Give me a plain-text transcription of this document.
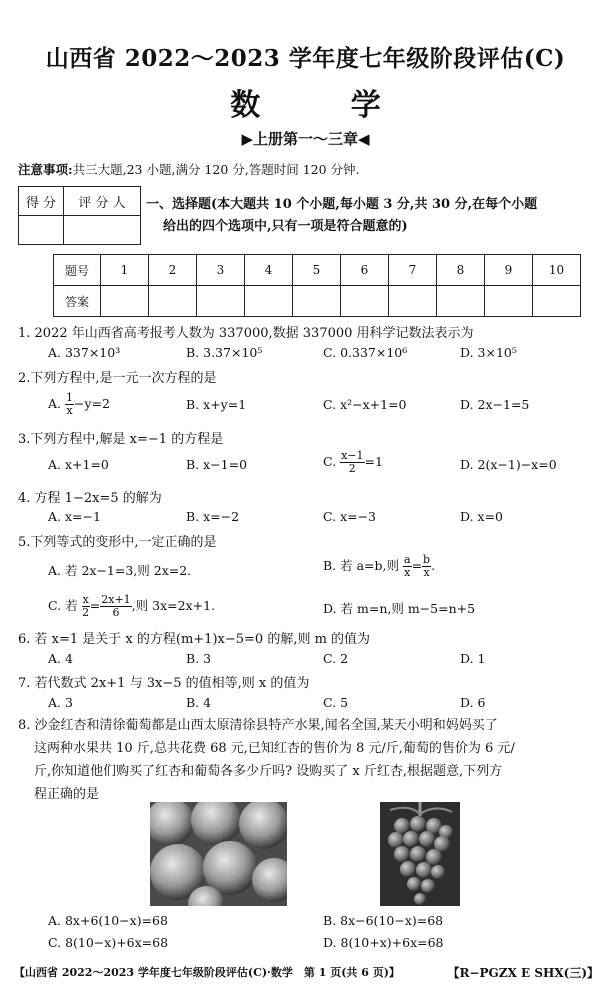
山西省 2022～2023 学年度七年级阶段评估(C)
数 学
▶上册第一～三章◀
注意事项:共三大题,23 小题,满分 120 分,答题时间 120 分钟.
得 分	评 分 人
	一、选择题(本大题共 10 个小题,每小题 3 分,共 30 分,在每个小题
给出的四个选项中,只有一项是符合题意的)
题号	1	2	3	4	5	6	7	8	9	10
答案										
1. 2022 年山西省高考报考人数为 337000,数据 337000 用科学记数法表示为
A. 337×10³	B. 3.37×10⁵	C. 0.337×10⁶	D. 3×10⁵
2.下列方程中,是一元一次方程的是
A. $\frac{1}{x} -y=2$	B. x+y=1	C. x²−x+1=0	D. 2x−1=5
3.下列方程中,解是 x=−1 的方程是
A. x+1=0	B. x−1=0	C. $\frac{x-1}{2} =1$	D. 2(x−1)−x=0
4. 方程 1−2x=5 的解为
A. x=−1	B. x=−2	C. x=−3	D. x=0
5.下列等式的变形中,一定正确的是
A. 若 2x−1=3,则 2x=2.	B. 若 a=b,则 $\frac{a}{x} = \frac{b}{x}$ .
C. 若 $\frac{x}{2} = \frac{2x+1}{6}$ ,则 3x=2x+1.	D. 若 m=n,则 m−5=n+5
6. 若 x=1 是关于 x 的方程(m+1)x−5=0 的解,则 m 的值为
A. 4	B. 3	C. 2	D. 1
7. 若代数式 2x+1 与 3x−5 的值相等,则 x 的值为
A. 3	B. 4	C. 5	D. 6
8. 沙金红杏和清徐葡萄都是山西太原清徐县特产水果,闻名全国,某天小明和妈妈买了
这两种水果共 10 斤,总共花费 68 元,已知红杏的售价为 8 元/斤,葡萄的售价为 6 元/
斤,你知道他们购买了红杏和葡萄各多少斤吗? 设购买了 x 斤红杏,根据题意,下列方
程正确的是
A. 8x+6(10−x)=68	B. 8x−6(10−x)=68
C. 8(10−x)+6x=68	D. 8(10+x)+6x=68
【山西省 2022～2023 学年度七年级阶段评估(C)·数学　第 1 页(共 6 页)】	【R−PGZX E SHX(三)】
